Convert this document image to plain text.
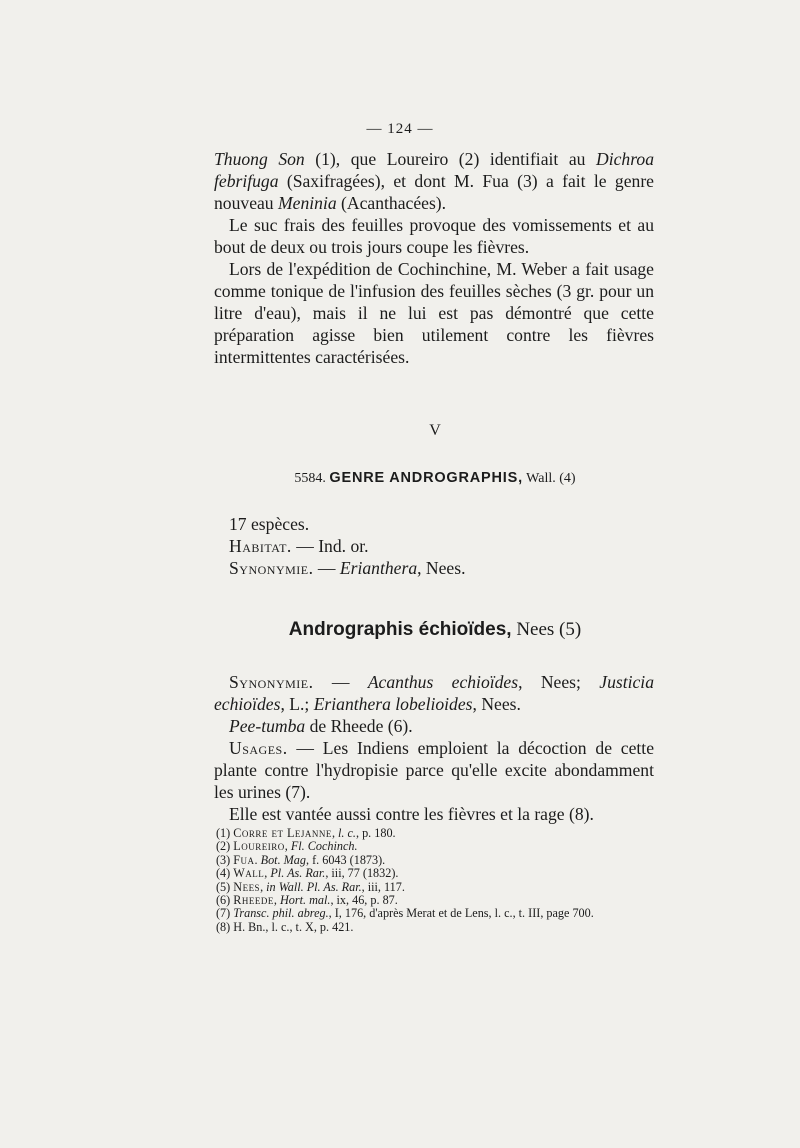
— 124 —

Thuong Son (1), que Loureiro (2) identifiait au Dichroa febrifuga (Saxifragées), et dont M. Fua (3) a fait le genre nouveau Meninia (Acanthacées).

Le suc frais des feuilles provoque des vomissements et au bout de deux ou trois jours coupe les fièvres.

Lors de l'expédition de Cochinchine, M. Weber a fait usage comme tonique de l'infusion des feuilles sèches (3 gr. pour un litre d'eau), mais il ne lui est pas démontré que cette préparation agisse bien utilement contre les fièvres intermittentes caractérisées.

V
5584. GENRE ANDROGRAPHIS, Wall. (4)

17 espèces.

Habitat. — Ind. or.

Synonymie. — Erianthera, Nees.

Andrographis échioïdes, Nees (5)

Synonymie. — Acanthus echioïdes, Nees; Justicia echioïdes, L.; Erianthera lobelioides, Nees.

Pee-tumba de Rheede (6).

Usages. — Les Indiens emploient la décoction de cette plante contre l'hydropisie parce qu'elle excite abondamment les urines (7).

Elle est vantée aussi contre les fièvres et la rage (8).

(1) Corre et Lejanne, l. c., p. 180.
(2) Loureiro, Fl. Cochinch.
(3) Fua. Bot. Mag, f. 6043 (1873).
(4) Wall, Pl. As. Rar., iii, 77 (1832).
(5) Nees, in Wall. Pl. As. Rar., iii, 117.
(6) Rheede, Hort. mal., ix, 46, p. 87.
(7) Transc. phil. abreg., I, 176, d'après Merat et de Lens, l. c., t. III, page 700.
(8) H. Bn., l. c., t. X, p. 421.
